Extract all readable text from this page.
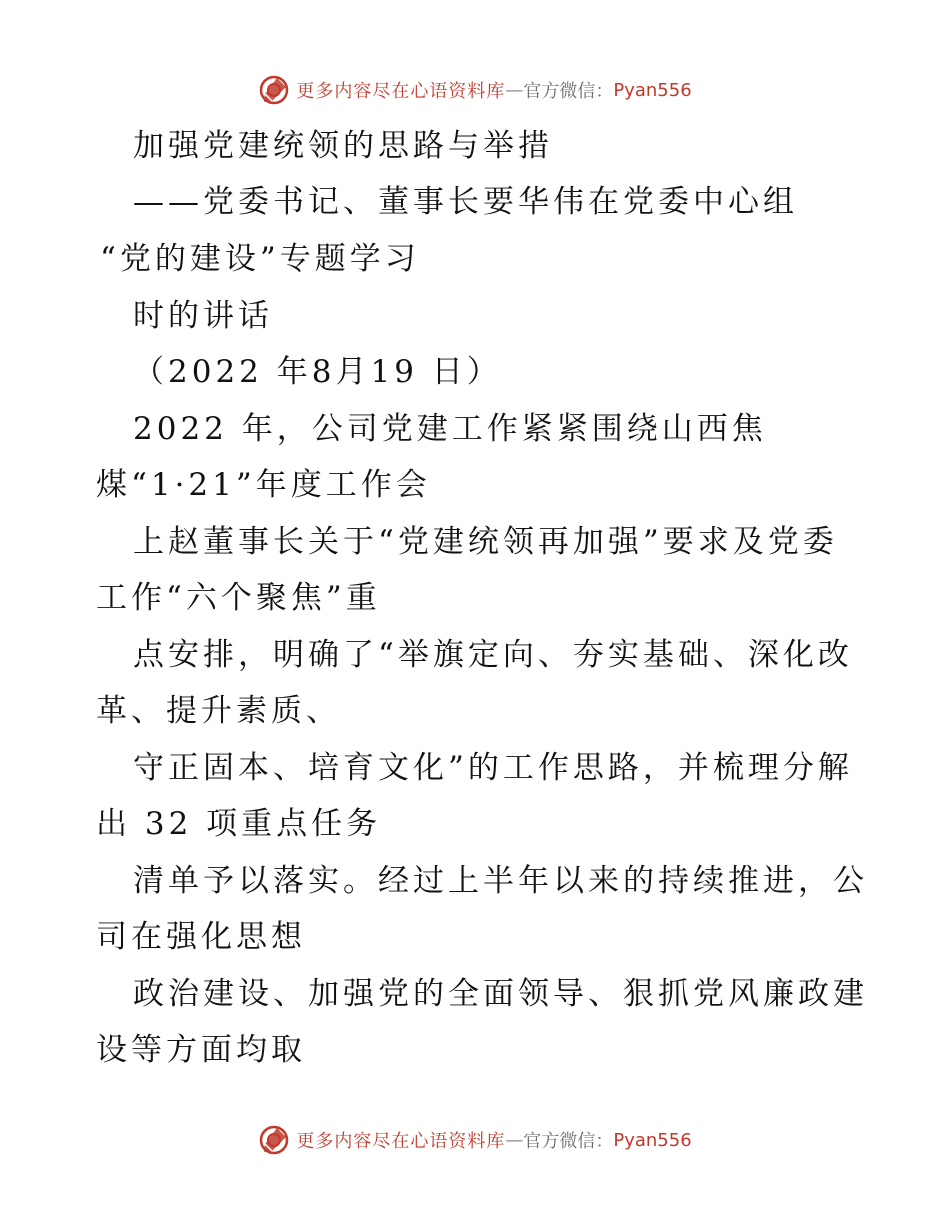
更多内容尽在心语资料库 — 官方微信： Pyan556
加强党建统领的思路与举措
——党委书记、董事长要华伟在党委中心组
“党的建设”专题学习
时的讲话
（2022 年8月19 日）
2022 年，公司党建工作紧紧围绕山西焦
煤“1·21”年度工作会
上赵董事长关于“党建统领再加强”要求及党委
工作“六个聚焦”重
点安排，明确了“举旗定向、夯实基础、深化改
革、提升素质、
守正固本、培育文化”的工作思路，并梳理分解
出 32 项重点任务
清单予以落实。经过上半年以来的持续推进，公
司在强化思想
政治建设、加强党的全面领导、狠抓党风廉政建
设等方面均取
更多内容尽在心语资料库 — 官方微信： Pyan556
